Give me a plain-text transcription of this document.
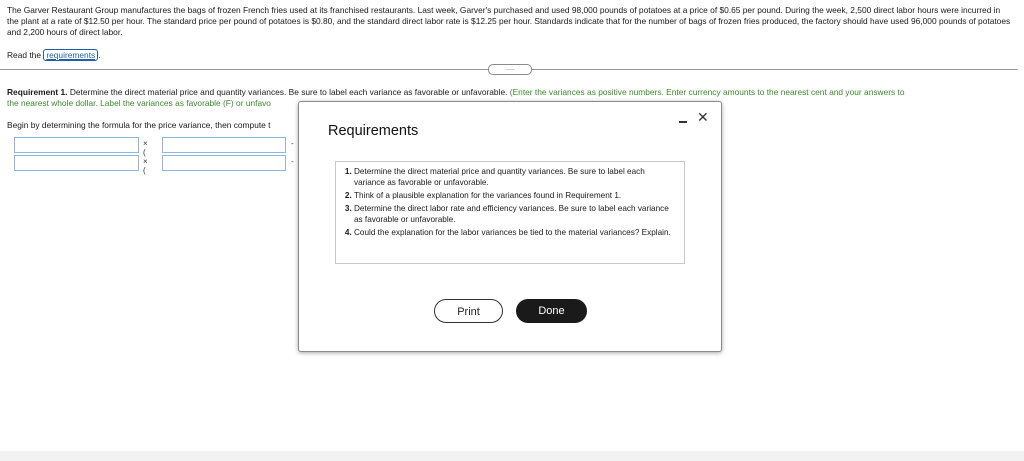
The Garver Restaurant Group manufactures the bags of frozen French fries used at its franchised restaurants. Last week, Garver's purchased and used 98,000 pounds of potatoes at a price of $0.65 per pound. During the week, 2,500 direct labor hours were incurred in the plant at a rate of $12.50 per hour. The standard price per pound of potatoes is $0.80, and the standard direct labor rate is $12.25 per hour. Standards indicate that for the number of bags of frozen fries produced, the factory should have used 96,000 pounds of potatoes and 2,200 hours of direct labor.
Read the requirements .
.....
Requirement 1. Determine the direct material price and quantity variances. Be sure to label each variance as favorable or unfavorable. (Enter the variances as positive numbers. Enter currency amounts to the nearest cent and your answers to
the nearest whole dollar. Label the variances as favorable (F) or unfavo
Begin by determining the formula for the price variance, then compute t
× (
-
× (
-
Requirements
✕
1. Determine the direct material price and quantity variances. Be sure to label each variance as favorable or unfavorable.
2. Think of a plausible explanation for the variances found in Requirement 1.
3. Determine the direct labor rate and efficiency variances. Be sure to label each variance as favorable or unfavorable.
4. Could the explanation for the labor variances be tied to the material variances? Explain.
Print	Done
